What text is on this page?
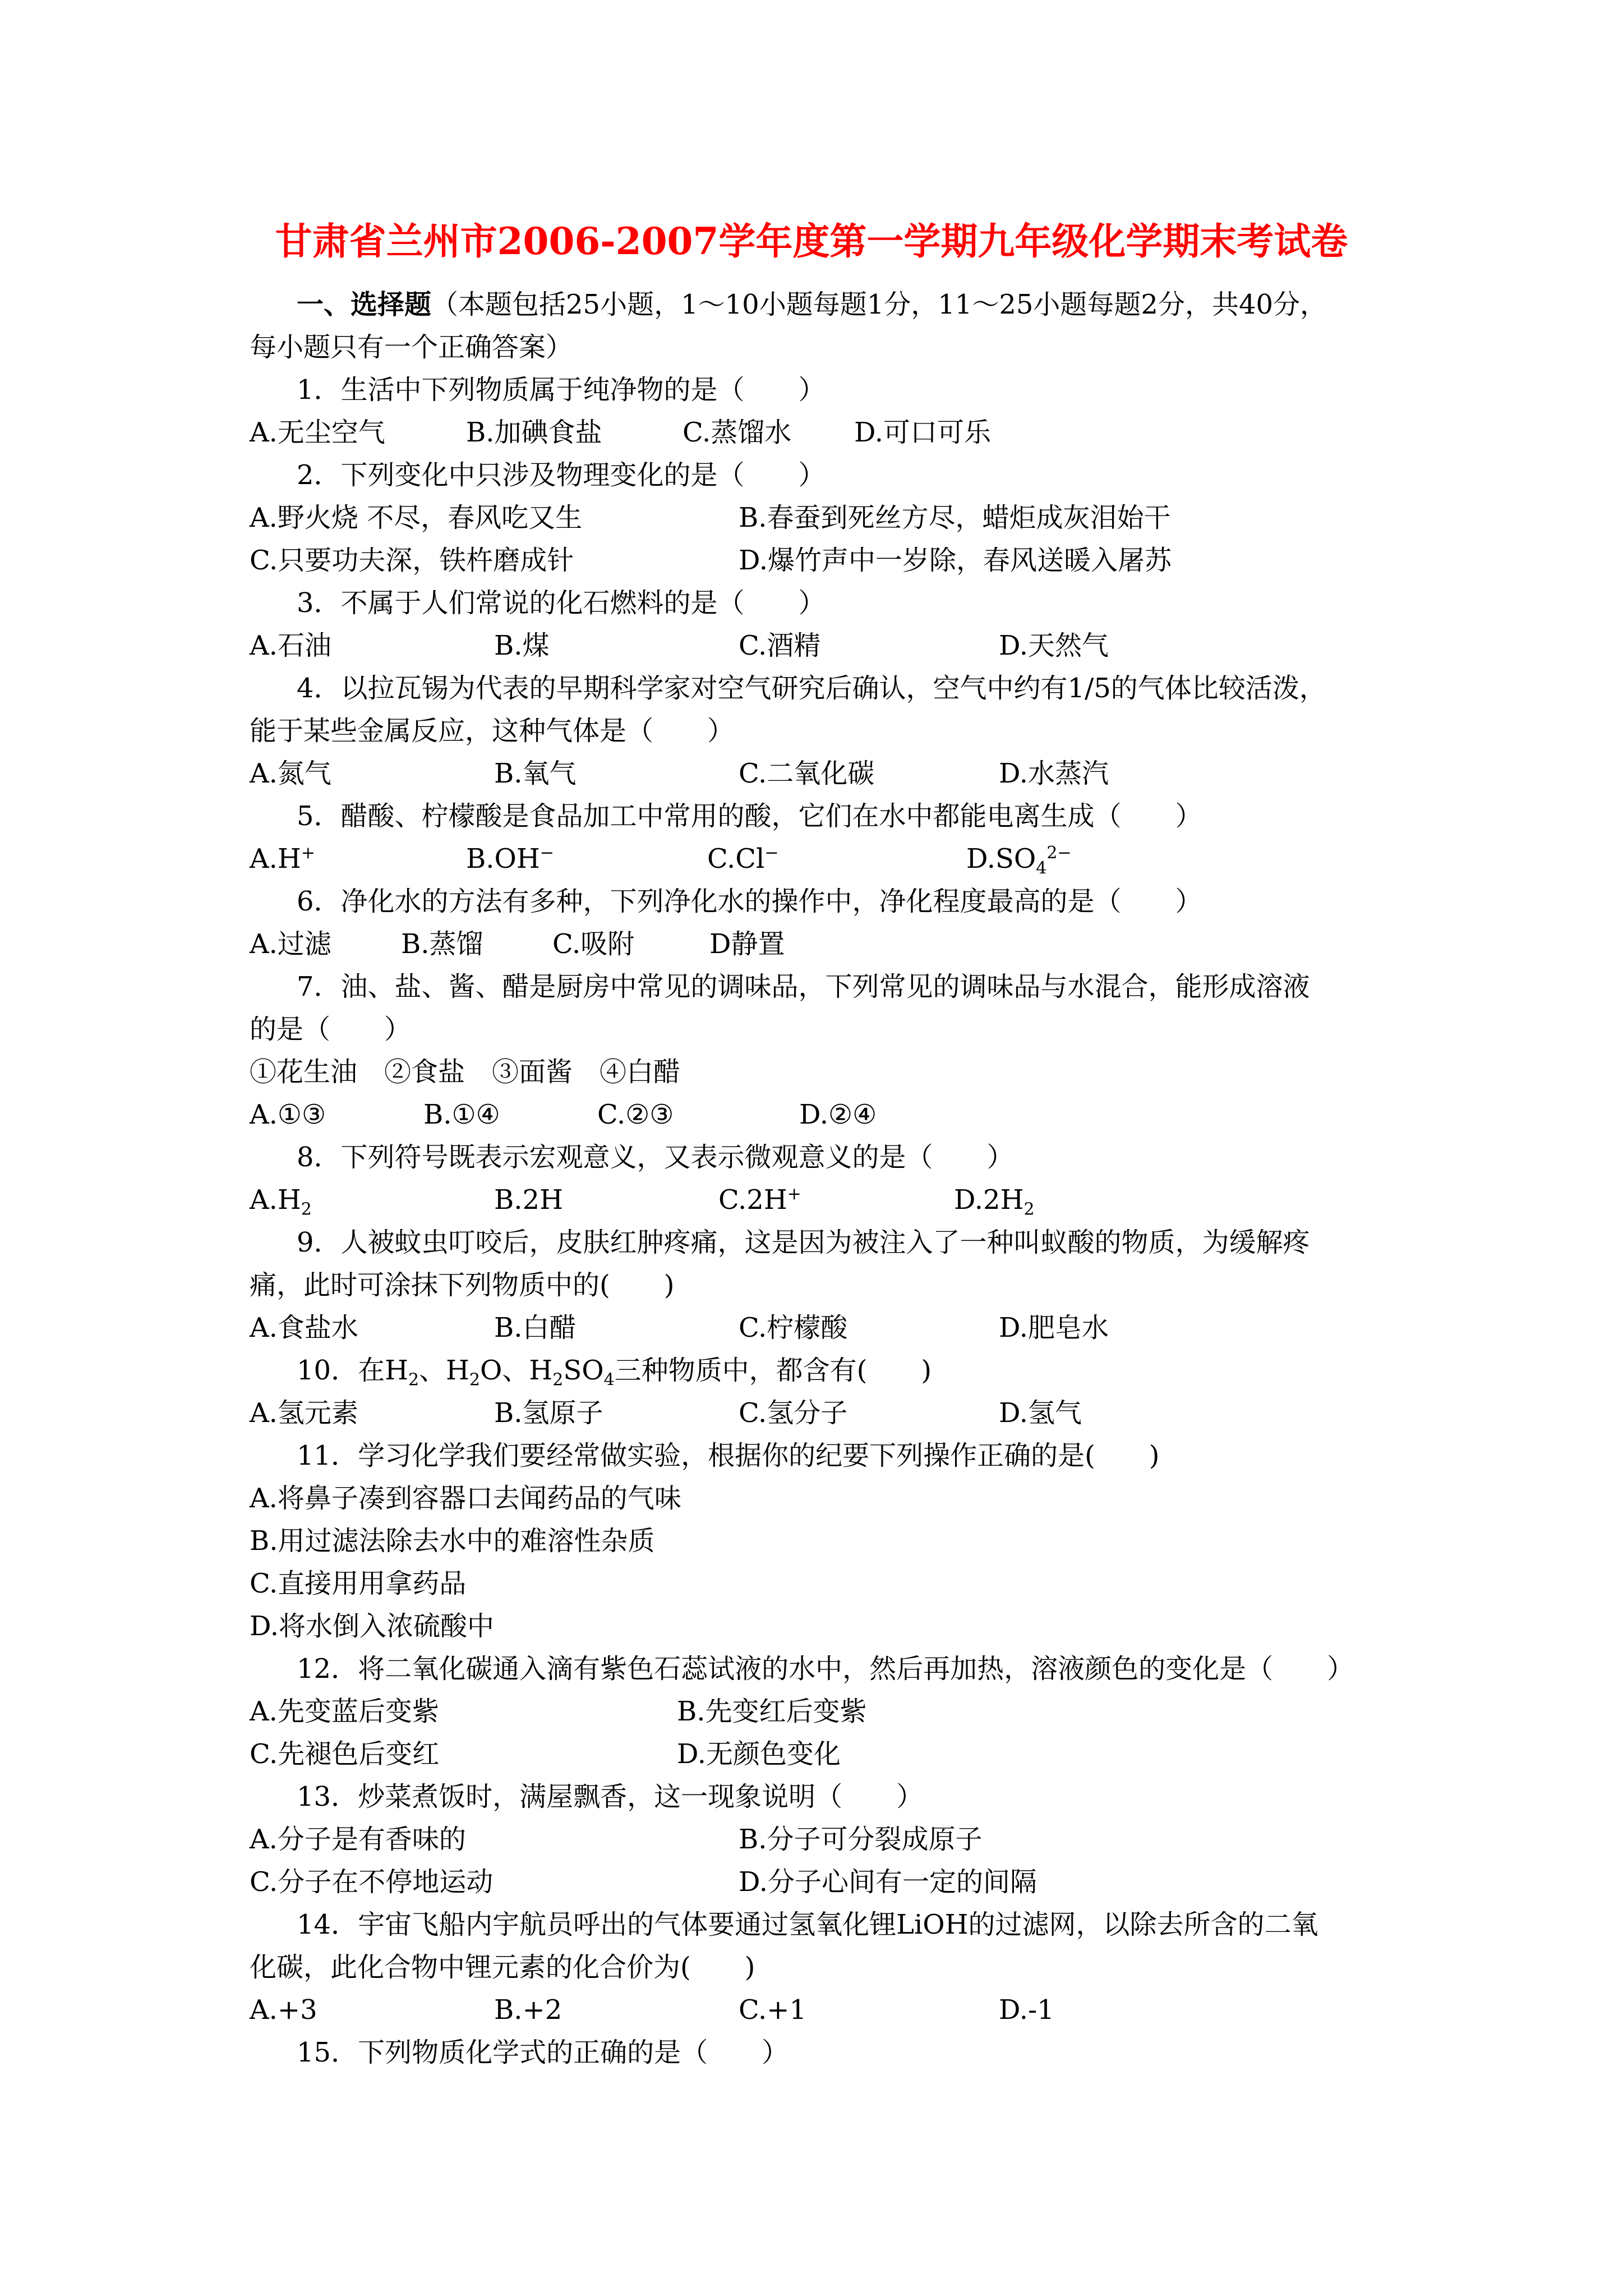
甘肃省兰州市2006-2007学年度第一学期九年级化学期末考试卷
一、选择题（本题包括25小题，1～10小题每题1分，11～25小题每题2分，共40分，
每小题只有一个正确答案）
1．生活中下列物质属于纯净物的是（　　）
A.无尘空气	B.加碘食盐	C.蒸馏水	D.可口可乐
2．下列变化中只涉及物理变化的是（　　）
A.野火烧 不尽，春风吃又生	B.春蚕到死丝方尽，蜡炬成灰泪始干
C.只要功夫深，铁杵磨成针	D.爆竹声中一岁除，春风送暖入屠苏
3．不属于人们常说的化石燃料的是（　　）
A.石油	B.煤	C.酒精	D.天然气
4．以拉瓦锡为代表的早期科学家对空气研究后确认，空气中约有1/5的气体比较活泼，
能于某些金属反应，这种气体是（　　）
A.氮气	B.氧气	C.二氧化碳	D.水蒸汽
5．醋酸、柠檬酸是食品加工中常用的酸，它们在水中都能电离生成（　　）
A.H+	B.OH−	C.Cl−	$D.SO_4^{2-}$
6．净化水的方法有多种，下列净化水的操作中，净化程度最高的是（　　）
A.过滤	B.蒸馏	C.吸附	D静置
7．油、盐、酱、醋是厨房中常见的调味品，下列常见的调味品与水混合，能形成溶液
的是（　　）
①花生油　②食盐　③面酱　④白醋
A.①③	B.①④	C.②③	D.②④
8．下列符号既表示宏观意义，又表示微观意义的是（　　）
$A.H_2$	B.2H	C.2H+	$D.2H_2$
9．人被蚊虫叮咬后，皮肤红肿疼痛，这是因为被注入了一种叫蚁酸的物质，为缓解疼
痛，此时可涂抹下列物质中的(　　)
A.食盐水	B.白醋	C.柠檬酸	D.肥皂水
10．在$H_2$、$H_2O$、$H_2SO_4$三种物质中，都含有(　　)
A.氢元素	B.氢原子	C.氢分子	D.氢气
11．学习化学我们要经常做实验，根据你的纪要下列操作正确的是(　　)
A.将鼻子凑到容器口去闻药品的气味
B.用过滤法除去水中的难溶性杂质
C.直接用用拿药品
D.将水倒入浓硫酸中
12．将二氧化碳通入滴有紫色石蕊试液的水中，然后再加热，溶液颜色的变化是（　　）
A.先变蓝后变紫	B.先变红后变紫
C.先褪色后变红	D.无颜色变化
13．炒菜煮饭时，满屋飘香，这一现象说明（　　）
A.分子是有香味的	B.分子可分裂成原子
C.分子在不停地运动	D.分子心间有一定的间隔
14．宇宙飞船内宇航员呼出的气体要通过氢氧化锂LiOH的过滤网，以除去所含的二氧
化碳，此化合物中锂元素的化合价为(　　)
A.+3	B.+2	C.+1	D.-1
15．下列物质化学式的正确的是（　　）
